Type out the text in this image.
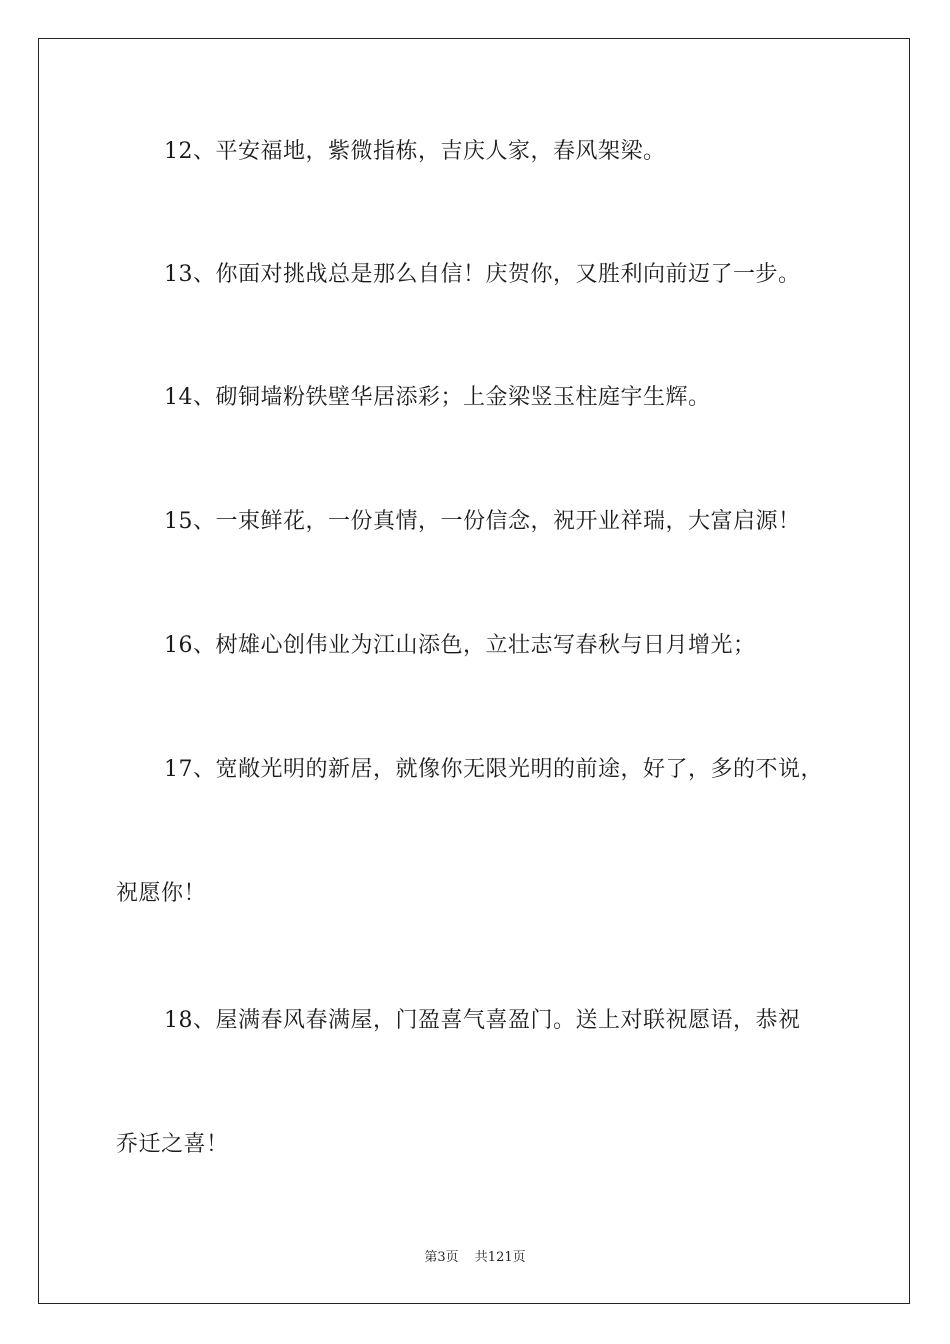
12、平安福地，紫微指栋，吉庆人家，春风架梁。
13、你面对挑战总是那么自信！庆贺你，又胜利向前迈了一步。
14、砌铜墙粉铁壁华居添彩；上金梁竖玉柱庭宇生辉。
15、一束鲜花，一份真情，一份信念，祝开业祥瑞，大富启源！
16、树雄心创伟业为江山添色，立壮志写春秋与日月增光；
17、宽敞光明的新居，就像你无限光明的前途，好了，多的不说，
祝愿你！
18、屋满春风春满屋，门盈喜气喜盈门。送上对联祝愿语，恭祝
乔迁之喜！
第3页 共121页
